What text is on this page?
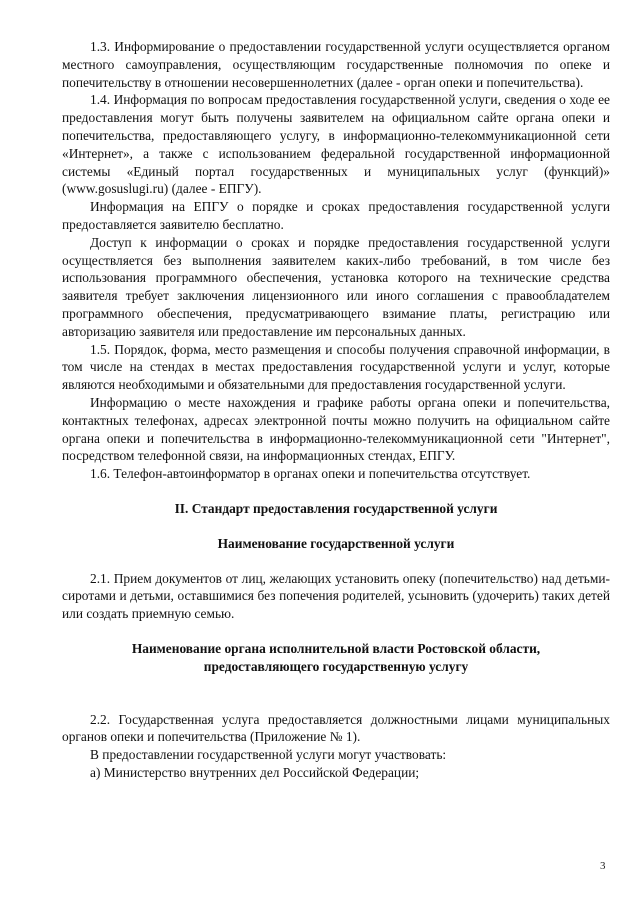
1.3. Информирование о предоставлении государственной услуги осуществляется органом местного самоуправления, осуществляющим государственные полномочия по опеке и попечительству в отношении несовершеннолетних (далее - орган опеки и попечительства).

1.4. Информация по вопросам предоставления государственной услуги, сведения о ходе ее предоставления могут быть получены заявителем на официальном сайте органа опеки и попечительства, предоставляющего услугу, в информационно-телекоммуникационной сети «Интернет», а также с использованием федеральной государственной информационной системы «Единый портал государственных и муниципальных услуг (функций)» (www.gosuslugi.ru) (далее - ЕПГУ).

Информация на ЕПГУ о порядке и сроках предоставления государственной услуги предоставляется заявителю бесплатно.

Доступ к информации о сроках и порядке предоставления государственной услуги осуществляется без выполнения заявителем каких-либо требований, в том числе без использования программного обеспечения, установка которого на технические средства заявителя требует заключения лицензионного или иного соглашения с правообладателем программного обеспечения, предусматривающего взимание платы, регистрацию или авторизацию заявителя или предоставление им персональных данных.

1.5. Порядок, форма, место размещения и способы получения справочной информации, в том числе на стендах в местах предоставления государственной услуги и услуг, которые являются необходимыми и обязательными для предоставления государственной услуги.

Информацию о месте нахождения и графике работы органа опеки и попечительства, контактных телефонах, адресах электронной почты можно получить на официальном сайте органа опеки и попечительства в информационно-телекоммуникационной сети "Интернет", посредством телефонной связи, на информационных стендах, ЕПГУ.

1.6. Телефон-автоинформатор в органах опеки и попечительства отсутствует.

II. Стандарт предоставления государственной услуги

Наименование государственной услуги

2.1. Прием документов от лиц, желающих установить опеку (попечительство) над детьми-сиротами и детьми, оставшимися без попечения родителей, усыновить (удочерить) таких детей или создать приемную семью.

Наименование органа исполнительной власти Ростовской области,

предоставляющего государственную услугу

2.2. Государственная услуга предоставляется должностными лицами муниципальных органов опеки и попечительства (Приложение № 1).

В предоставлении государственной услуги могут участвовать:

а) Министерство внутренних дел Российской Федерации;

3
